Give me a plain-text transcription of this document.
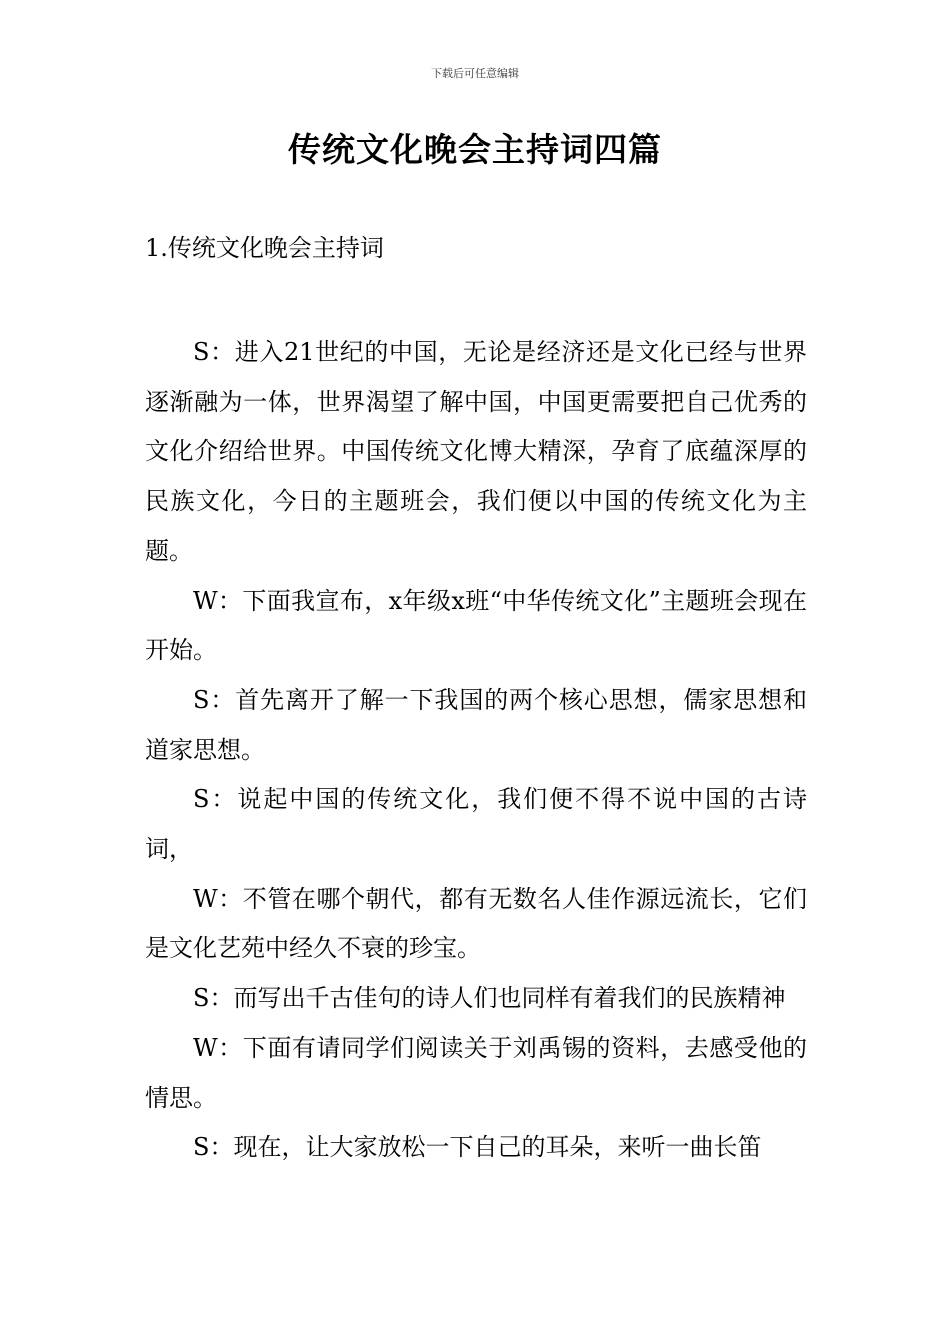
下载后可任意编辑
传统文化晚会主持词四篇
1.传统文化晚会主持词

S：进入21世纪的中国，无论是经济还是文化已经与世界逐渐融为一体，世界渴望了解中国，中国更需要把自己优秀的文化介绍给世界。中国传统文化博大精深，孕育了底蕴深厚的民族文化，今日的主题班会，我们便以中国的传统文化为主题。

W：下面我宣布，x年级x班“中华传统文化”主题班会现在开始。

S：首先离开了解一下我国的两个核心思想，儒家思想和道家思想。

S：说起中国的传统文化，我们便不得不说中国的古诗词，

W：不管在哪个朝代，都有无数名人佳作源远流长，它们是文化艺苑中经久不衰的珍宝。

S：而写出千古佳句的诗人们也同样有着我们的民族精神

W：下面有请同学们阅读关于刘禹锡的资料，去感受他的情思。

S：现在，让大家放松一下自己的耳朵，来听一曲长笛
